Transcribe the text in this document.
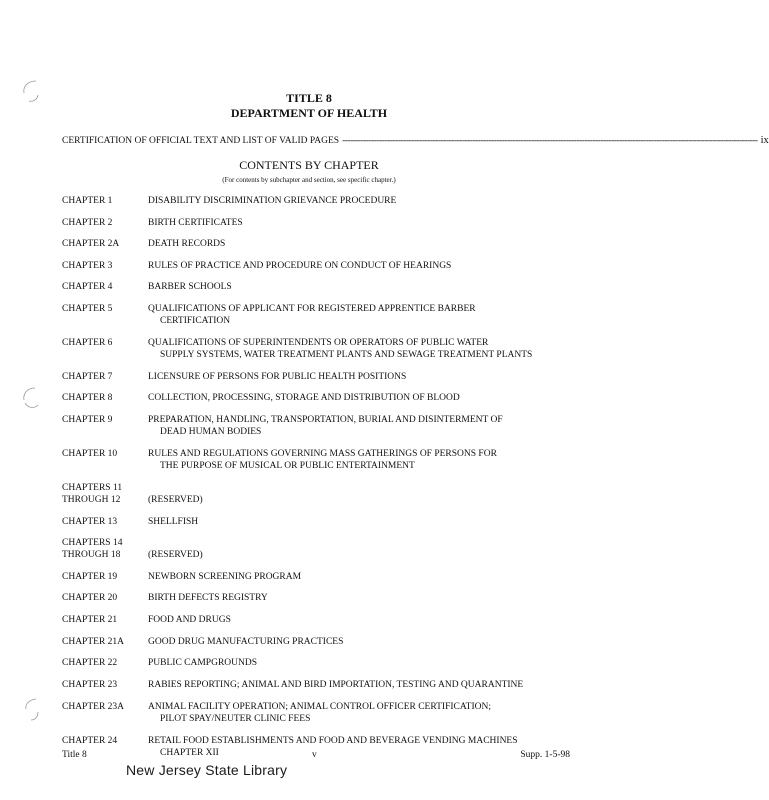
TITLE 8
DEPARTMENT OF HEALTH
CERTIFICATION OF OFFICIAL TEXT AND LIST OF VALID PAGES ------------------------------------------------------------------------------------------------------------------------------------------------------------ ix
CONTENTS BY CHAPTER
(For contents by subchapter and section, see specific chapter.)
CHAPTER 1	DISABILITY DISCRIMINATION GRIEVANCE PROCEDURE
CHAPTER 2	BIRTH CERTIFICATES
CHAPTER 2A	DEATH RECORDS
CHAPTER 3	RULES OF PRACTICE AND PROCEDURE ON CONDUCT OF HEARINGS
CHAPTER 4	BARBER SCHOOLS
CHAPTER 5	QUALIFICATIONS OF APPLICANT FOR REGISTERED APPRENTICE BARBER
CERTIFICATION
CHAPTER 6	QUALIFICATIONS OF SUPERINTENDENTS OR OPERATORS OF PUBLIC WATER
SUPPLY SYSTEMS, WATER TREATMENT PLANTS AND SEWAGE TREATMENT PLANTS
CHAPTER 7	LICENSURE OF PERSONS FOR PUBLIC HEALTH POSITIONS
CHAPTER 8	COLLECTION, PROCESSING, STORAGE AND DISTRIBUTION OF BLOOD
CHAPTER 9	PREPARATION, HANDLING, TRANSPORTATION, BURIAL AND DISINTERMENT OF
DEAD HUMAN BODIES
CHAPTER 10	RULES AND REGULATIONS GOVERNING MASS GATHERINGS OF PERSONS FOR
THE PURPOSE OF MUSICAL OR PUBLIC ENTERTAINMENT
CHAPTERS 11
THROUGH 12	(RESERVED)
CHAPTER 13	SHELLFISH
CHAPTERS 14
THROUGH 18	(RESERVED)
CHAPTER 19	NEWBORN SCREENING PROGRAM
CHAPTER 20	BIRTH DEFECTS REGISTRY
CHAPTER 21	FOOD AND DRUGS
CHAPTER 21A	GOOD DRUG MANUFACTURING PRACTICES
CHAPTER 22	PUBLIC CAMPGROUNDS
CHAPTER 23	RABIES REPORTING; ANIMAL AND BIRD IMPORTATION, TESTING AND QUARANTINE
CHAPTER 23A	ANIMAL FACILITY OPERATION; ANIMAL CONTROL OFFICER CERTIFICATION;
PILOT SPAY/NEUTER CLINIC FEES
CHAPTER 24	RETAIL FOOD ESTABLISHMENTS AND FOOD AND BEVERAGE VENDING MACHINES
CHAPTER XII
Title 8	v	Supp. 1-5-98
New Jersey State Library
